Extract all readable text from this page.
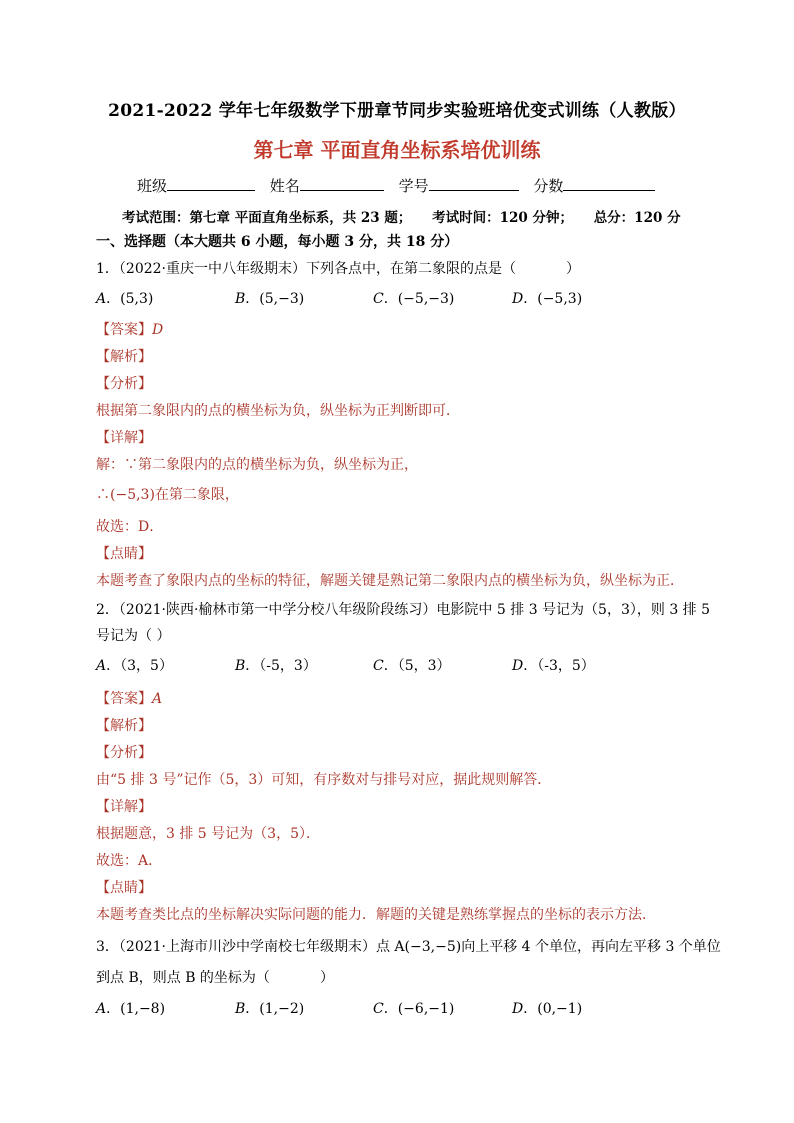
2021-2022 学年七年级数学下册章节同步实验班培优变式训练（人教版）
第七章 平面直角坐标系培优训练
班级	姓名	学号	分数
考试范围：第七章 平面直角坐标系，共 23 题； 考试时间：120 分钟； 总分：120 分
一、选择题（本大题共 6 小题，每小题 3 分，共 18 分）
1．（2022·重庆一中八年级期末）下列各点中，在第二象限的点是（	）
A．(5,3)	B．(5,−3)	C．(−5,−3)	D．(−5,3)
【答案】D
【解析】
【分析】
根据第二象限内的点的横坐标为负，纵坐标为正判断即可．
【详解】
解：∵第二象限内的点的横坐标为负，纵坐标为正，
∴(−5,3)在第二象限，
故选：D．
【点睛】
本题考查了象限内点的坐标的特征，解题关键是熟记第二象限内点的横坐标为负，纵坐标为正．
2．（2021·陕西·榆林市第一中学分校八年级阶段练习）电影院中 5 排 3 号记为（5，3），则 3 排 5
号记为（ ）
A．（3，5）	B．（-5，3）	C．（5，3）	D．（-3，5）
【答案】A
【解析】
【分析】
由“5 排 3 号”记作（5，3）可知，有序数对与排号对应，据此规则解答．
【详解】
根据题意，3 排 5 号记为（3，5）．
故选：A．
【点睛】
本题考查类比点的坐标解决实际问题的能力．解题的关键是熟练掌握点的坐标的表示方法．
3．（2021·上海市川沙中学南校七年级期末）点 A(−3,−5)向上平移 4 个单位，再向左平移 3 个单位
到点 B，则点 B 的坐标为（	）
A．(1,−8)	B．(1,−2)	C．(−6,−1)	D．(0,−1)
